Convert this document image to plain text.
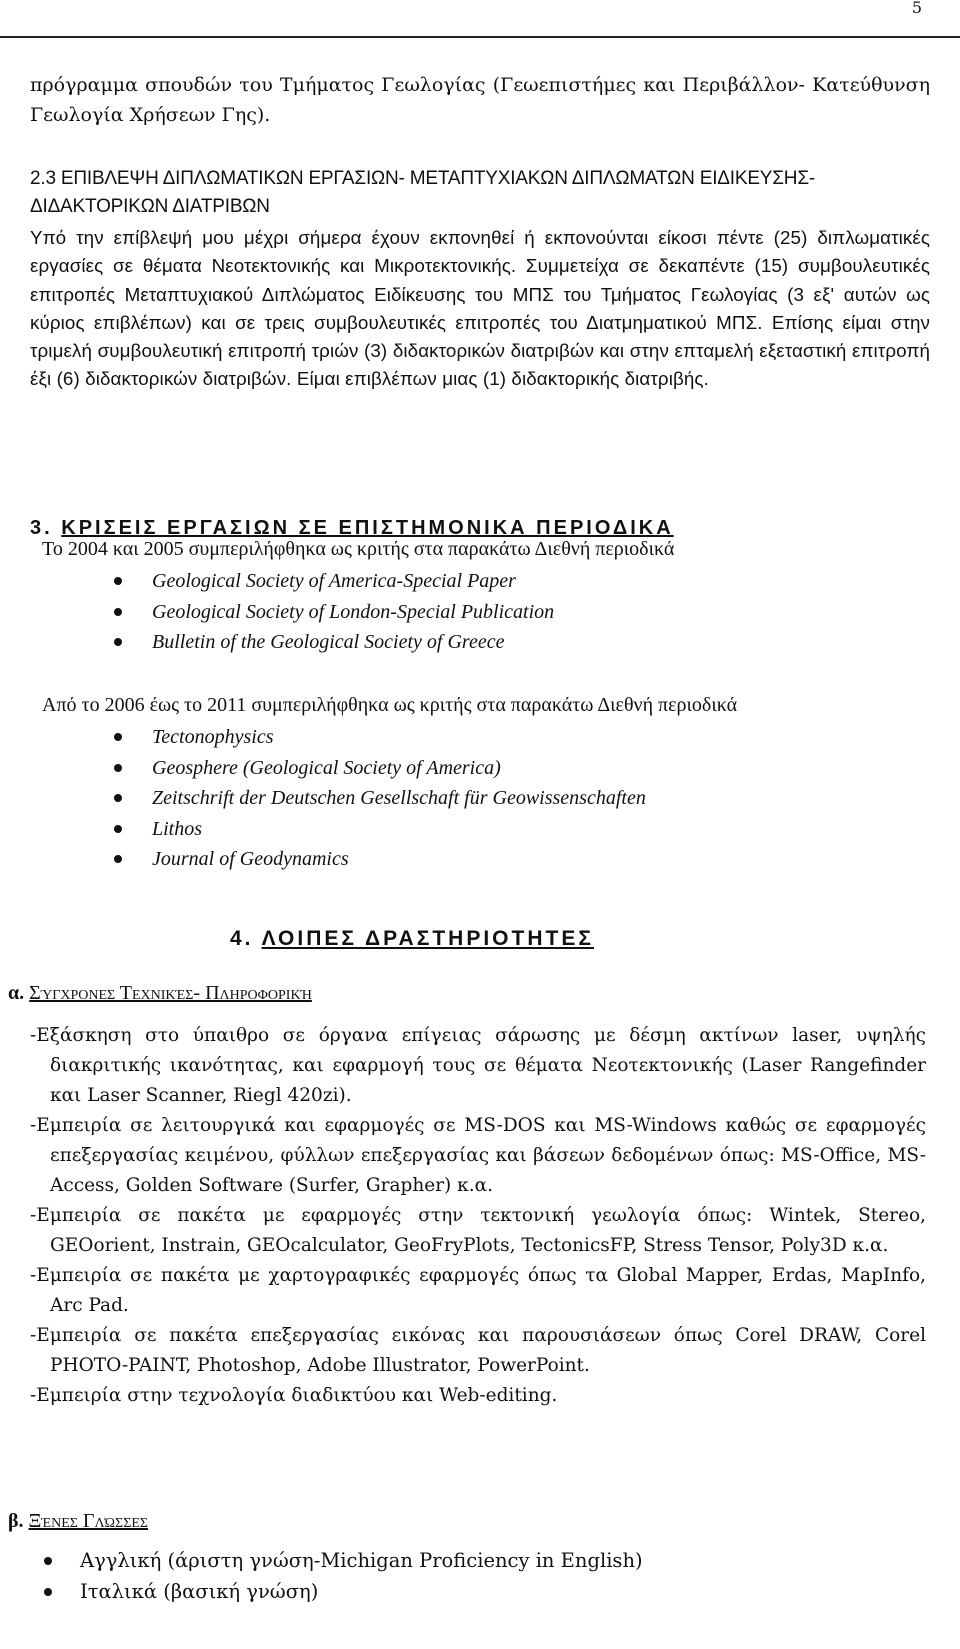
5
πρόγραμμα σπουδών του Τμήματος Γεωλογίας (Γεωεπιστήμες και Περιβάλλον- Κατεύθυνση Γεωλογία Χρήσεων Γης).
2.3 ΕΠΙΒΛΕΨΗ ΔΙΠΛΩΜΑΤΙΚΩΝ ΕΡΓΑΣΙΩΝ- ΜΕΤΑΠΤΥΧΙΑΚΩΝ ΔΙΠΛΩΜΑΤΩΝ ΕΙΔΙΚΕΥΣΗΣ-ΔΙΔΑΚΤΟΡΙΚΩΝ ΔΙΑΤΡΙΒΩΝ

Υπό την επίβλεψή μου μέχρι σήμερα έχουν εκπονηθεί ή εκπονούνται είκοσι πέντε (25) διπλωματικές εργασίες σε θέματα Νεοτεκτονικής και Μικροτεκτονικής. Συμμετείχα σε δεκαπέντε (15) συμβουλευτικές επιτροπές Μεταπτυχιακού Διπλώματος Ειδίκευσης του ΜΠΣ του Τμήματος Γεωλογίας (3 εξ' αυτών ως κύριος επιβλέπων) και σε τρεις συμβουλευτικές επιτροπές του Διατμηματικού ΜΠΣ. Επίσης είμαι στην τριμελή συμβουλευτική επιτροπή τριών (3) διδακτορικών διατριβών και στην επταμελή εξεταστική επιτροπή έξι (6) διδακτορικών διατριβών. Είμαι επιβλέπων μιας (1) διδακτορικής διατριβής.

3. ΚΡΙΣΕΙΣ ΕΡΓΑΣΙΩΝ ΣΕ ΕΠΙΣΤΗΜΟΝΙΚΑ ΠΕΡΙΟΔΙΚΑ
Το 2004 και 2005 συμπεριλήφθηκα ως κριτής στα παρακάτω Διεθνή περιοδικά
Geological Society of America-Special Paper
Geological Society of London-Special Publication
Bulletin of the Geological Society of Greece
Από το 2006 έως το 2011 συμπεριλήφθηκα ως κριτής στα παρακάτω Διεθνή περιοδικά
Tectonophysics
Geosphere (Geological Society of America)
Zeitschrift der Deutschen Gesellschaft für Geowissenschaften
Lithos
Journal of Geodynamics
4. ΛΟΙΠΕΣ ΔΡΑΣΤΗΡΙΟΤΗΤΕΣ
α. Σύγχρονες Τεχνικές- Πληροφορική
-Εξάσκηση στο ύπαιθρο σε όργανα επίγειας σάρωσης με δέσμη ακτίνων laser, υψηλής διακριτικής ικανότητας, και εφαρμογή τους σε θέματα Νεοτεκτονικής (Laser Rangefinder και Laser Scanner, Riegl 420zi).
-Εμπειρία σε λειτουργικά και εφαρμογές σε MS-DOS και MS-Windows καθώς σε εφαρμογές επεξεργασίας κειμένου, φύλλων επεξεργασίας και βάσεων δεδομένων όπως: MS-Office, MS-Access, Golden Software (Surfer, Grapher) κ.α.
-Εμπειρία σε πακέτα με εφαρμογές στην τεκτονική γεωλογία όπως: Wintek, Stereo, GEOorient, Instrain, GEOcalculator, GeoFryPlots, TectonicsFP, Stress Tensor, Poly3D κ.α.
-Εμπειρία σε πακέτα με χαρτογραφικές εφαρμογές όπως τα Global Mapper, Erdas, MapInfo, Arc Pad.
-Εμπειρία σε πακέτα επεξεργασίας εικόνας και παρουσιάσεων όπως Corel DRAW, Corel PHOTO-PAINT, Photoshop, Adobe Illustrator, PowerPoint.
-Εμπειρία στην τεχνολογία διαδικτύου και Web-editing.
β. Ξένες Γλώσσες
Αγγλική (άριστη γνώση-Michigan Proficiency in English)
Ιταλικά (βασική γνώση)
